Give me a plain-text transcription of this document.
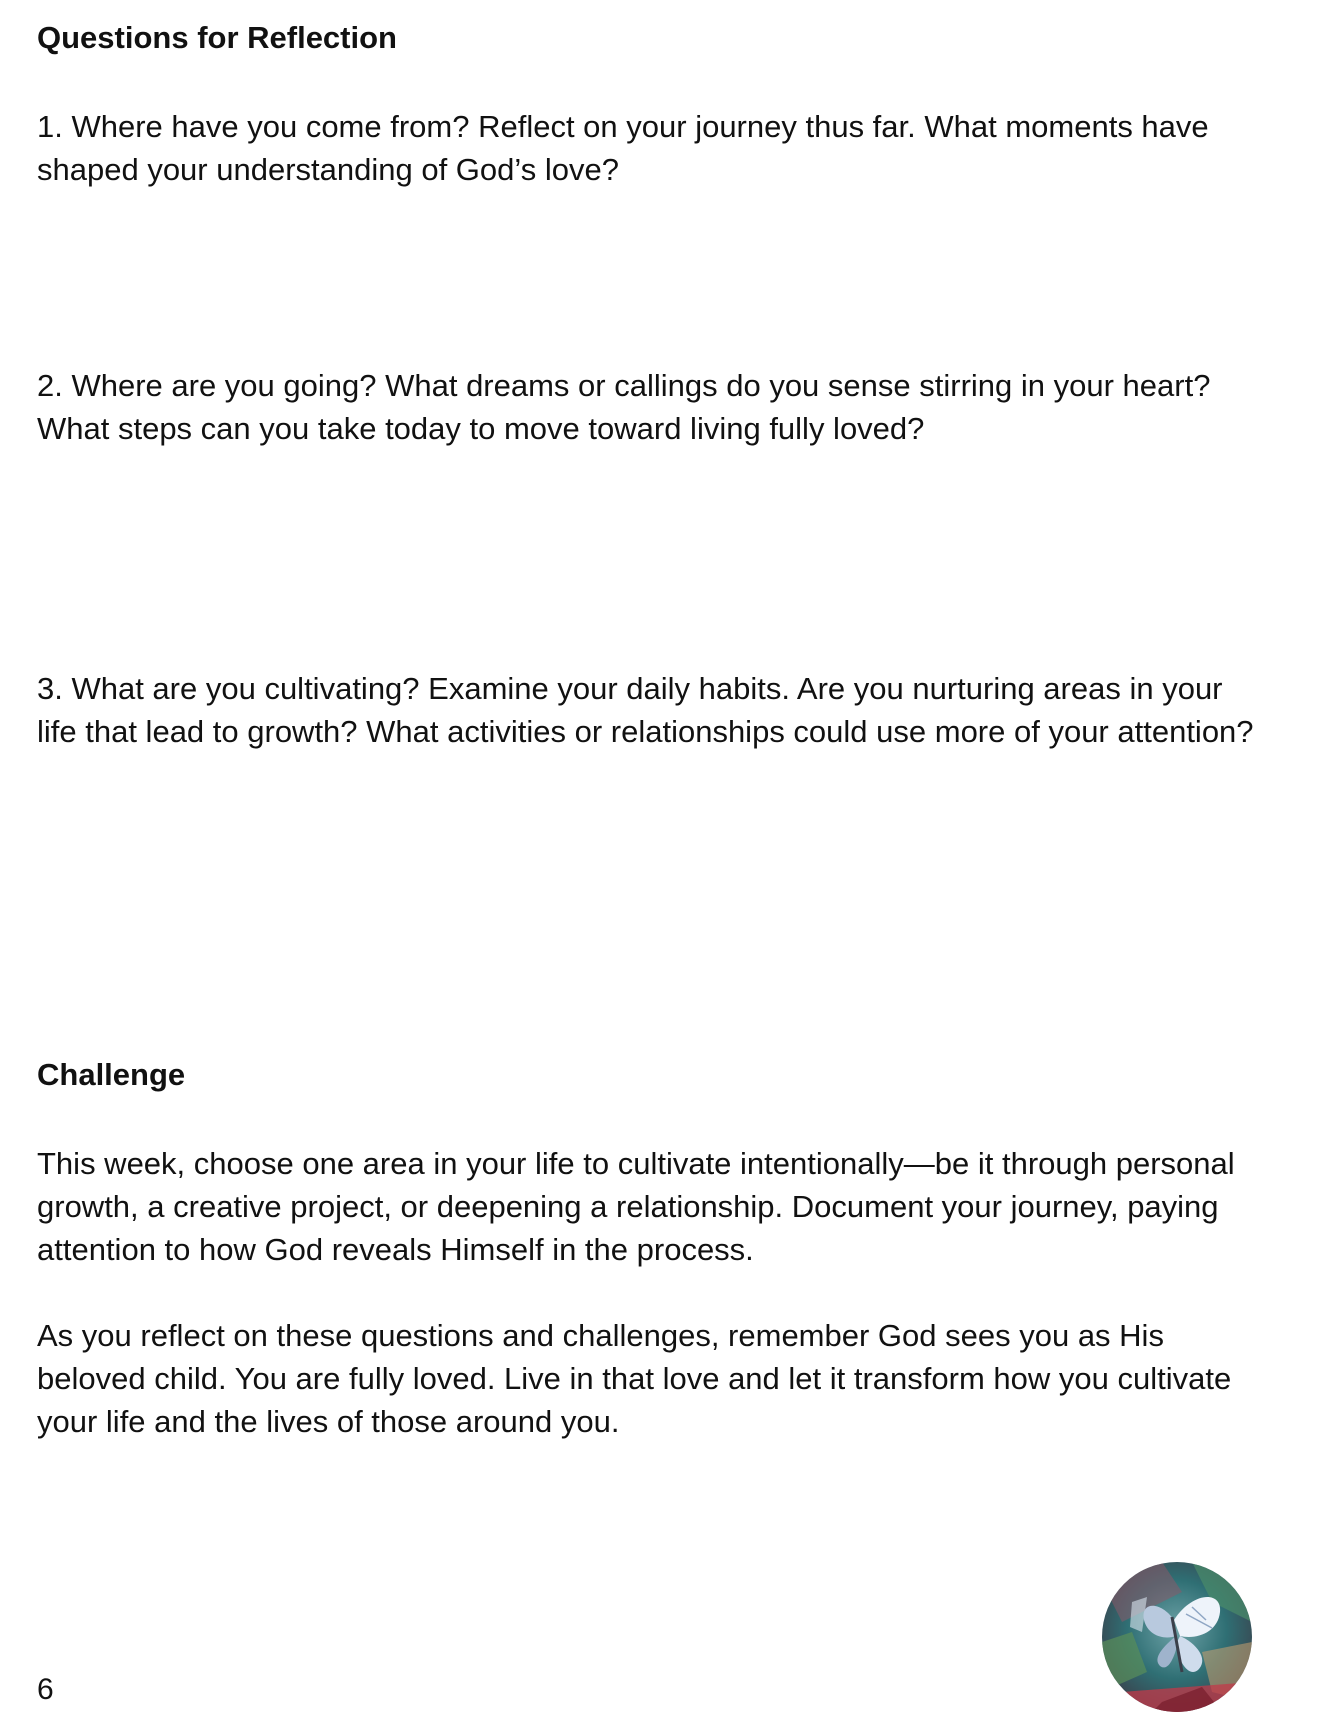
Questions for Reflection

1. Where have you come from? Reflect on your journey thus far. What moments have shaped your understanding of God’s love?

2. Where are you going? What dreams or callings do you sense stirring in your heart? What steps can you take today to move toward living fully loved?

3. What are you cultivating? Examine your daily habits. Are you nurturing areas in your life that lead to growth? What activities or relationships could use more of your attention?

Challenge

This week, choose one area in your life to cultivate intentionally—be it through personal growth, a creative project, or deepening a relationship. Document your journey, paying attention to how God reveals Himself in the process.

As you reflect on these questions and challenges, remember God sees you as His beloved child. You are fully loved. Live in that love and let it transform how you cultivate your life and the lives of those around you.

6
